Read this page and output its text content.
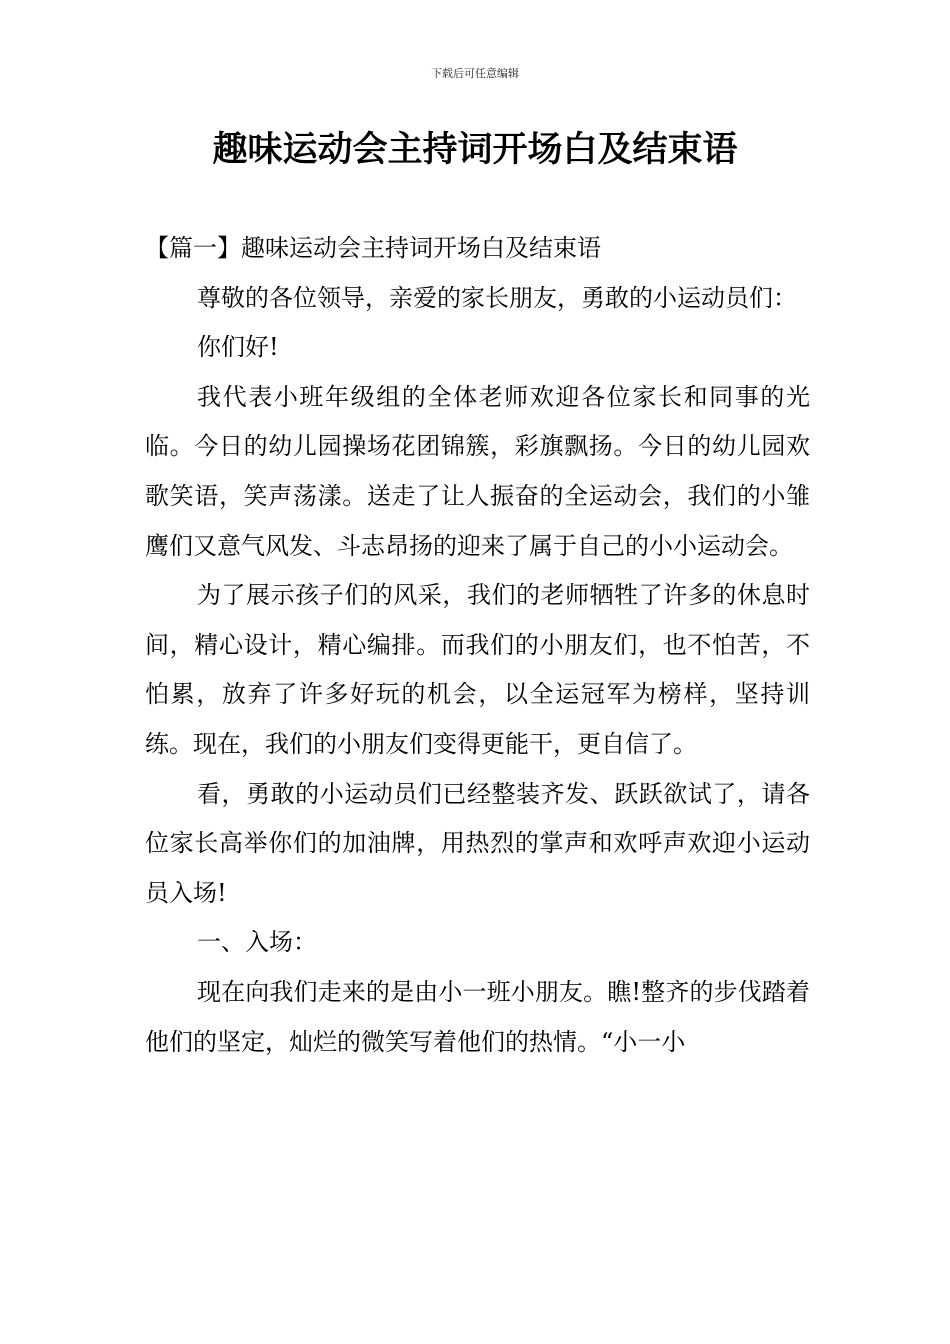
下载后可任意编辑
趣味运动会主持词开场白及结束语

【篇一】趣味运动会主持词开场白及结束语

尊敬的各位领导，亲爱的家长朋友，勇敢的小运动员们：

你们好!

我代表小班年级组的全体老师欢迎各位家长和同事的光临。今日的幼儿园操场花团锦簇，彩旗飘扬。今日的幼儿园欢歌笑语，笑声荡漾。送走了让人振奋的全运动会，我们的小雏鹰们又意气风发、斗志昂扬的迎来了属于自己的小小运动会。

为了展示孩子们的风采，我们的老师牺牲了许多的休息时间，精心设计，精心编排。而我们的小朋友们，也不怕苦，不怕累，放弃了许多好玩的机会，以全运冠军为榜样，坚持训练。现在，我们的小朋友们变得更能干，更自信了。

看，勇敢的小运动员们已经整装齐发、跃跃欲试了，请各位家长高举你们的加油牌，用热烈的掌声和欢呼声欢迎小运动员入场!

一、入场：

现在向我们走来的是由小一班小朋友。瞧!整齐的步伐踏着他们的坚定，灿烂的微笑写着他们的热情。“小一小
